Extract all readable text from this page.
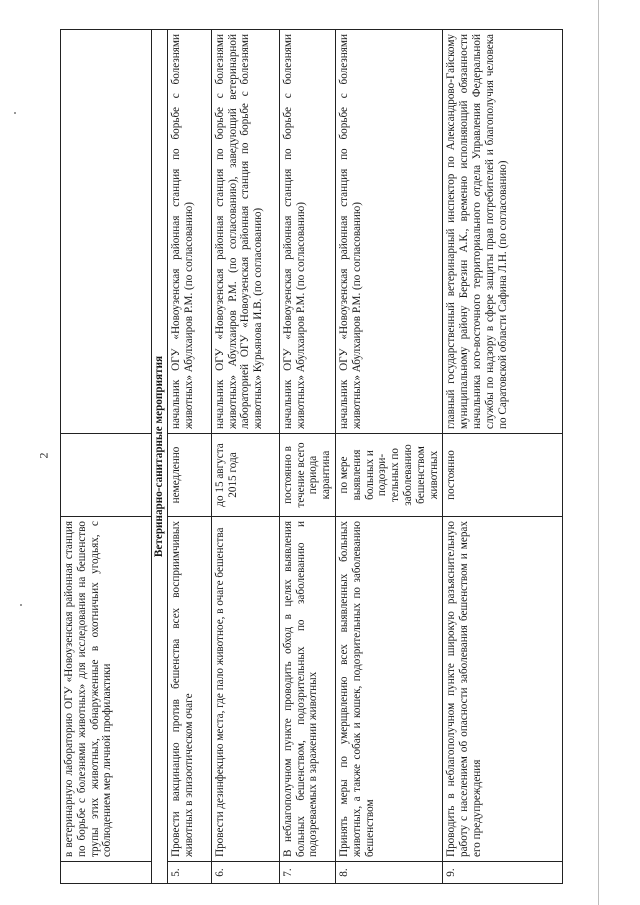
2
	в ветеринарную лабораторию ОГУ «Новоузенская районная станция по борьбе с болезнями животных» для исследования на бешенство трупы этих животных, обнаруженные в охотничьих угодьях, с соблюдением мер личной профилактики		
Ветеринарно-санитарные мероприятия			
5.	Провести вакцинацию против бешенства всех восприимчивых животных в эпизоотическом очаге	немедленно	начальник ОГУ «Новоузенская районная станция по борьбе с болезнями животных» Абулхаиров Р.М. (по согласованию)
6.	Провести дезинфекцию места, где пало животное, в очаге бешенства	до 15 августа 2015 года	начальник ОГУ «Новоузенская районная станция по борьбе с болезнями животных» Абулхаиров Р.М. (по согласованию), заведующий ветеринарной лабораторией ОГУ «Новоузенская районная станция по борьбе с болезнями животных» Курьянова И.В. (по согласованию)
7.	В неблагополучном пункте проводить обход в целях выявления больных бешенством, подозрительных по заболеванию и подозреваемых в заражении животных	постоянно в течение всего периода карантина	начальник ОГУ «Новоузенская районная станция по борьбе с болезнями животных» Абулхаиров Р.М. (по согласованию)
8.	Принять меры по умерщвлению всех выявленных больных животных, а также собак и кошек, подозрительных по заболеванию бешенством	по мере выявления больных и подозри-тельных по заболеванию бешенством животных	начальник ОГУ «Новоузенская районная станция по борьбе с болезнями животных» Абулхаиров Р.М. (по согласованию)
9.	Проводить в неблагополучном пункте широкую разъяснительную работу с населением об опасности заболевания бешенством и мерах его предупреждения	постоянно	главный государственный ветеринарный инспектор по Александрово-Гайскому муниципальному району Березин А.К., временно исполняющий обязанности начальника юго-восточного территориального отдела Управления Федеральной службы по надзору в сфере защиты прав потребителей и благополучия человека по Саратовской области Сафина Л.Н. (по согласованию)
